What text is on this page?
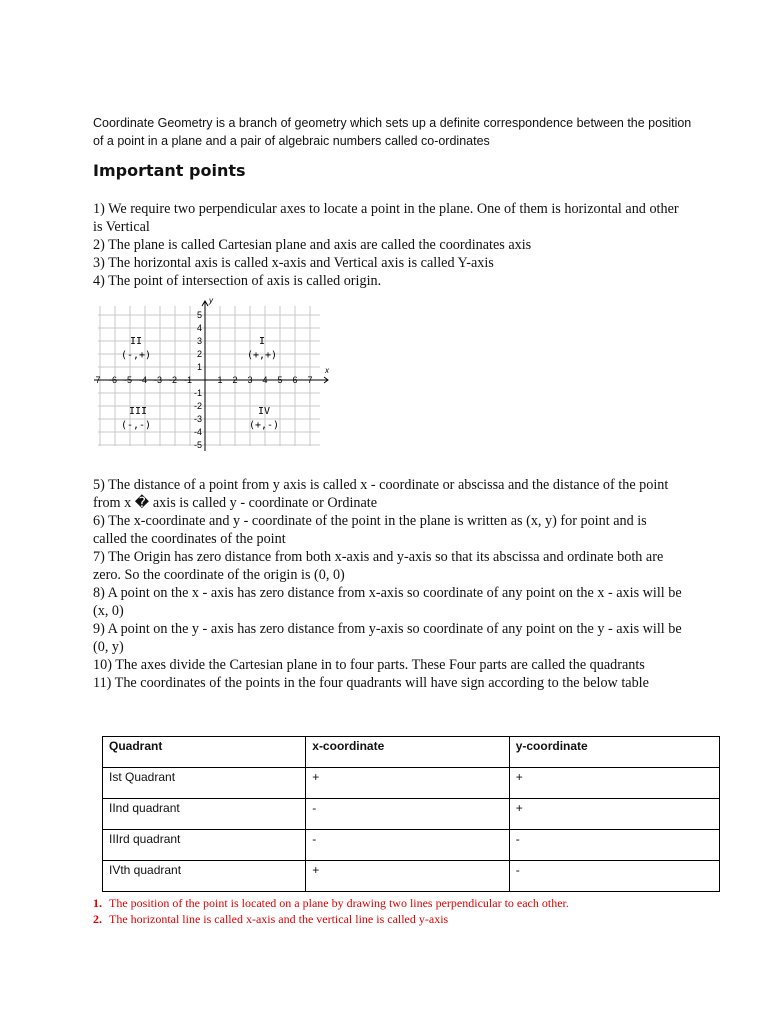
Coordinate Geometry is a branch of geometry which sets up a definite correspondence between the position of a point in a plane and a pair of algebraic numbers called co-ordinates

Important points
1) We require two perpendicular axes to locate a point in the plane. One of them is horizontal and other is Vertical
2) The plane is called Cartesian plane and axis are called the coordinates axis
3) The horizontal axis is called x-axis and Vertical axis is called Y-axis
4) The point of intersection of axis is called origin.
x
y
7 -6 -5 -4 -3 -2 -1	1 2 3 4 5 6 7
5
4
3
2
1
-1
-2
-3
-4
-5
I
(+,+)
II
(-,+)
III
(-,-)
IV
(+,-)
5) The distance of a point from y axis is called x - coordinate or abscissa and the distance of the point from x � axis is called y - coordinate or Ordinate
6) The x-coordinate and y - coordinate of the point in the plane is written as (x, y) for point and is called the coordinates of the point
7) The Origin has zero distance from both x-axis and y-axis so that its abscissa and ordinate both are zero. So the coordinate of the origin is (0, 0)
8) A point on the x - axis has zero distance from x-axis so coordinate of any point on the x - axis will be (x, 0)
9) A point on the y - axis has zero distance from y-axis so coordinate of any point on the y - axis will be (0, y)
10) The axes divide the Cartesian plane in to four parts. These Four parts are called the quadrants
11) The coordinates of the points in the four quadrants will have sign according to the below table
Quadrant	x-coordinate	y-coordinate
Ist Quadrant	+	+
IInd quadrant	-	+
IIIrd quadrant	-	-
IVth quadrant	+	-
1. The position of the point is located on a plane by drawing two lines perpendicular to each other.
2. The horizontal line is called x-axis and the vertical line is called y-axis
